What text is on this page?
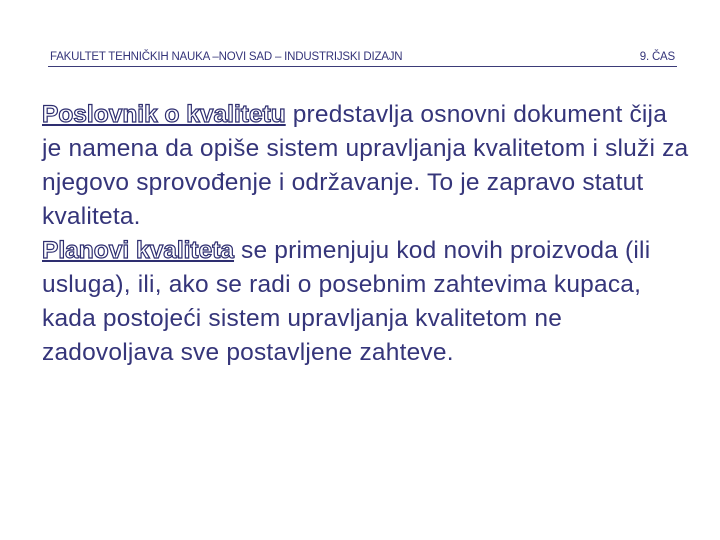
FAKULTET TEHNIČKIH NAUKA –NOVI SAD – INDUSTRIJSKI DIZAJN	9. ČAS

Poslovnik o kvalitetu predstavlja osnovni dokument čija je namena da opiše sistem upravljanja kvalitetom i služi za njegovo sprovođenje i održavanje. To je zapravo statut kvaliteta.

Planovi kvaliteta se primenjuju kod novih proizvoda (ili usluga), ili, ako se radi o posebnim zahtevima kupaca, kada postojeći sistem upravljanja kvalitetom ne zadovoljava sve postavljene zahteve.
